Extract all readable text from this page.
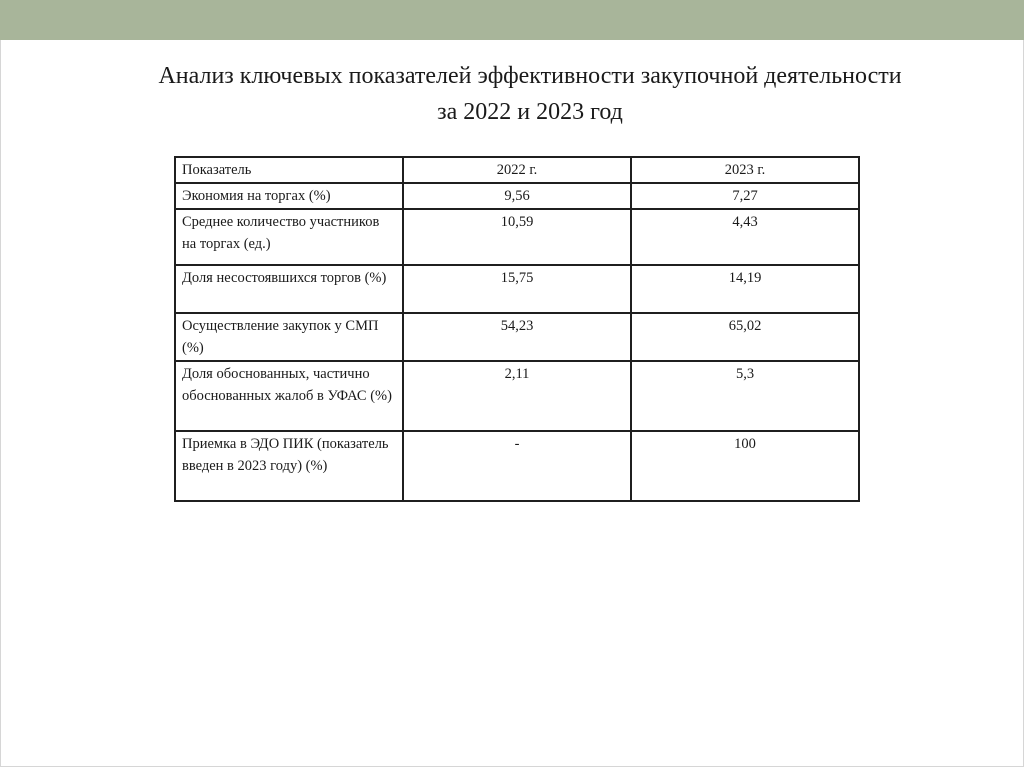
Анализ ключевых показателей эффективности закупочной деятельности
за 2022 и 2023 год
Показатель	2022 г.	2023 г.
Экономия на торгах (%)	9,56	7,27
Среднее количество участников на торгах (ед.)	10,59	4,43
Доля несостоявшихся торгов (%)	15,75	14,19
Осуществление закупок у СМП (%)	54,23	65,02
Доля обоснованных, частично обоснованных жалоб в УФАС (%)	2,11	5,3
Приемка в ЭДО ПИК (показатель введен в 2023 году) (%)	-	100
